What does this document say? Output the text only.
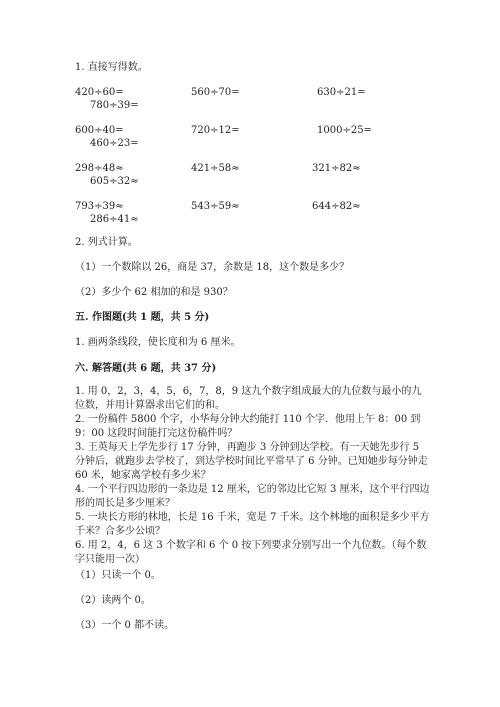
1. 直接写得数。
420÷60=	560÷70=	630÷21=
780÷39=
600÷40=	720÷12=	1000÷25=
460÷23=
298÷48≈	421÷58≈	321÷82≈
605÷32≈
793÷39≈	543÷59≈	644÷82≈
286÷41≈
2. 列式计算。
（1）一个数除以 26，商是 37，余数是 18，这个数是多少？
（2）多少个 62 相加的和是 930？
五. 作图题(共 1 题，共 5 分)
1. 画两条线段，使长度和为 6 厘米。
六. 解答题(共 6 题，共 37 分)
1. 用 0，2，3，4，5，6，7，8，9 这九个数字组成最大的九位数与最小的九位数，并用计算器求出它们的和。
2. 一份稿件 5800 个字，小华每分钟大约能打 110 个字．他用上午 8：00 到 9：00 这段时间能打完这份稿件吗？
3. 王英每天上学先步行 17 分钟，再跑步 3 分钟到达学校。有一天她先步行 5 分钟后，就跑步去学校了，到达学校时间比平常早了 6 分钟。已知她步每分钟走 60 米，她家离学校有多少米？
4. 一个平行四边形的一条边是 12 厘米，它的邻边比它短 3 厘米，这个平行四边形的周长是多少厘米？
5. 一块长方形的林地，长是 16 千米，宽是 7 千米。这个林地的面积是多少平方千米？合多少公顷？
6. 用 2，4，6 这 3 个数字和 6 个 0 按下列要求分别写出一个九位数。（每个数字只能用一次）
（1）只读一个 0。
（2）读两个 0。
（3）一个 0 都不读。
